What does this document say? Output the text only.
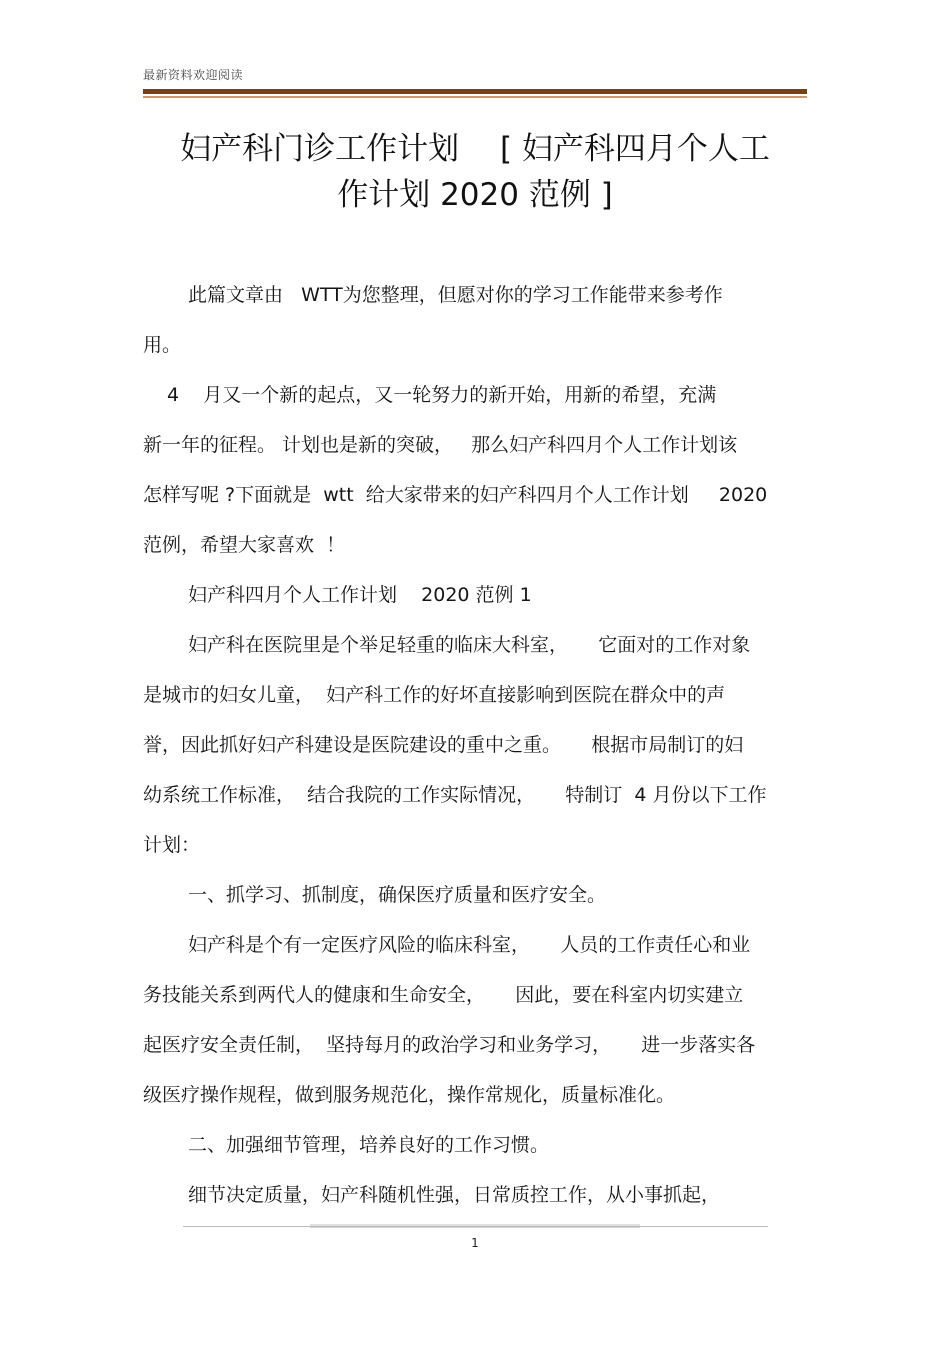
最新资料欢迎阅读
妇产科门诊工作计划　 [ 妇产科四月个人工
作计划 2020 范例 ]

此篇文章由   WTT为您整理，但愿对你的学习工作能带来参考作

用。

4    月又一个新的起点，又一轮努力的新开始，用新的希望，充满

新一年的征程。 计划也是新的突破，   那么妇产科四月个人工作计划该

怎样写呢 ?下面就是  wtt  给大家带来的妇产科四月个人工作计划     2020

范例，希望大家喜欢  ！

妇产科四月个人工作计划    2020 范例 1

妇产科在医院里是个举足轻重的临床大科室，     它面对的工作对象

是城市的妇女儿童，  妇产科工作的好坏直接影响到医院在群众中的声

誉，因此抓好妇产科建设是医院建设的重中之重。     根据市局制订的妇

幼系统工作标准，  结合我院的工作实际情况，     特制订  4 月份以下工作

计划：

一、抓学习、抓制度，确保医疗质量和医疗安全。

妇产科是个有一定医疗风险的临床科室，     人员的工作责任心和业

务技能关系到两代人的健康和生命安全，     因此，要在科室内切实建立

起医疗安全责任制，  坚持每月的政治学习和业务学习，     进一步落实各

级医疗操作规程，做到服务规范化，操作常规化，质量标准化。

二、加强细节管理，培养良好的工作习惯。

细节决定质量，妇产科随机性强，日常质控工作，从小事抓起，

1
